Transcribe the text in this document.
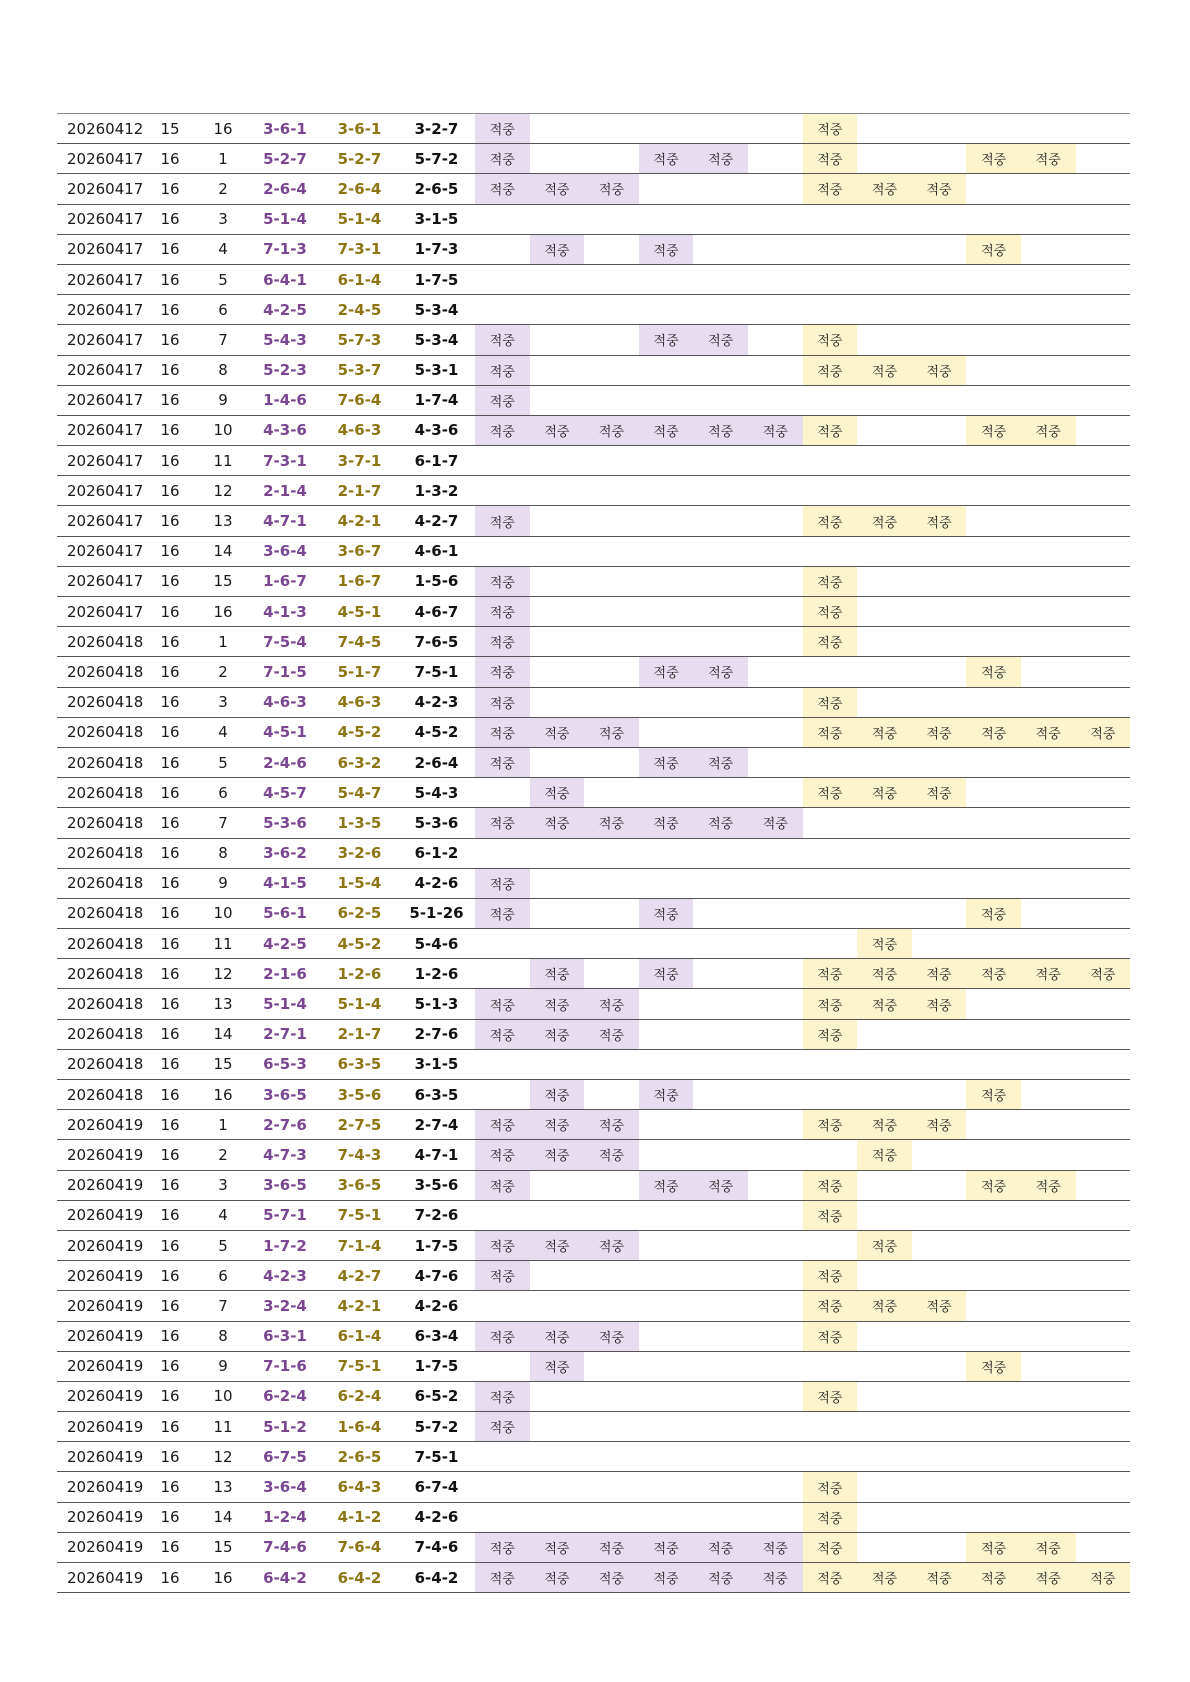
20260412	15	16	3-6-1	3-6-1	3-2-7	적중						적중					
20260417	16	1	5-2-7	5-2-7	5-7-2	적중			적중	적중		적중			적중	적중	
20260417	16	2	2-6-4	2-6-4	2-6-5	적중	적중	적중				적중	적중	적중			
20260417	16	3	5-1-4	5-1-4	3-1-5												
20260417	16	4	7-1-3	7-3-1	1-7-3		적중		적중						적중		
20260417	16	5	6-4-1	6-1-4	1-7-5												
20260417	16	6	4-2-5	2-4-5	5-3-4												
20260417	16	7	5-4-3	5-7-3	5-3-4	적중			적중	적중		적중					
20260417	16	8	5-2-3	5-3-7	5-3-1	적중						적중	적중	적중			
20260417	16	9	1-4-6	7-6-4	1-7-4	적중											
20260417	16	10	4-3-6	4-6-3	4-3-6	적중	적중	적중	적중	적중	적중	적중			적중	적중	
20260417	16	11	7-3-1	3-7-1	6-1-7												
20260417	16	12	2-1-4	2-1-7	1-3-2												
20260417	16	13	4-7-1	4-2-1	4-2-7	적중						적중	적중	적중			
20260417	16	14	3-6-4	3-6-7	4-6-1												
20260417	16	15	1-6-7	1-6-7	1-5-6	적중						적중					
20260417	16	16	4-1-3	4-5-1	4-6-7	적중						적중					
20260418	16	1	7-5-4	7-4-5	7-6-5	적중						적중					
20260418	16	2	7-1-5	5-1-7	7-5-1	적중			적중	적중					적중		
20260418	16	3	4-6-3	4-6-3	4-2-3	적중						적중					
20260418	16	4	4-5-1	4-5-2	4-5-2	적중	적중	적중				적중	적중	적중	적중	적중	적중
20260418	16	5	2-4-6	6-3-2	2-6-4	적중			적중	적중							
20260418	16	6	4-5-7	5-4-7	5-4-3		적중					적중	적중	적중			
20260418	16	7	5-3-6	1-3-5	5-3-6	적중	적중	적중	적중	적중	적중						
20260418	16	8	3-6-2	3-2-6	6-1-2												
20260418	16	9	4-1-5	1-5-4	4-2-6	적중											
20260418	16	10	5-6-1	6-2-5	5-1-26	적중			적중						적중		
20260418	16	11	4-2-5	4-5-2	5-4-6								적중				
20260418	16	12	2-1-6	1-2-6	1-2-6		적중		적중			적중	적중	적중	적중	적중	적중
20260418	16	13	5-1-4	5-1-4	5-1-3	적중	적중	적중				적중	적중	적중			
20260418	16	14	2-7-1	2-1-7	2-7-6	적중	적중	적중				적중					
20260418	16	15	6-5-3	6-3-5	3-1-5												
20260418	16	16	3-6-5	3-5-6	6-3-5		적중		적중						적중		
20260419	16	1	2-7-6	2-7-5	2-7-4	적중	적중	적중				적중	적중	적중			
20260419	16	2	4-7-3	7-4-3	4-7-1	적중	적중	적중					적중				
20260419	16	3	3-6-5	3-6-5	3-5-6	적중			적중	적중		적중			적중	적중	
20260419	16	4	5-7-1	7-5-1	7-2-6							적중					
20260419	16	5	1-7-2	7-1-4	1-7-5	적중	적중	적중					적중				
20260419	16	6	4-2-3	4-2-7	4-7-6	적중						적중					
20260419	16	7	3-2-4	4-2-1	4-2-6							적중	적중	적중			
20260419	16	8	6-3-1	6-1-4	6-3-4	적중	적중	적중				적중					
20260419	16	9	7-1-6	7-5-1	1-7-5		적중								적중		
20260419	16	10	6-2-4	6-2-4	6-5-2	적중						적중					
20260419	16	11	5-1-2	1-6-4	5-7-2	적중											
20260419	16	12	6-7-5	2-6-5	7-5-1												
20260419	16	13	3-6-4	6-4-3	6-7-4							적중					
20260419	16	14	1-2-4	4-1-2	4-2-6							적중					
20260419	16	15	7-4-6	7-6-4	7-4-6	적중	적중	적중	적중	적중	적중	적중			적중	적중	
20260419	16	16	6-4-2	6-4-2	6-4-2	적중	적중	적중	적중	적중	적중	적중	적중	적중	적중	적중	적중
